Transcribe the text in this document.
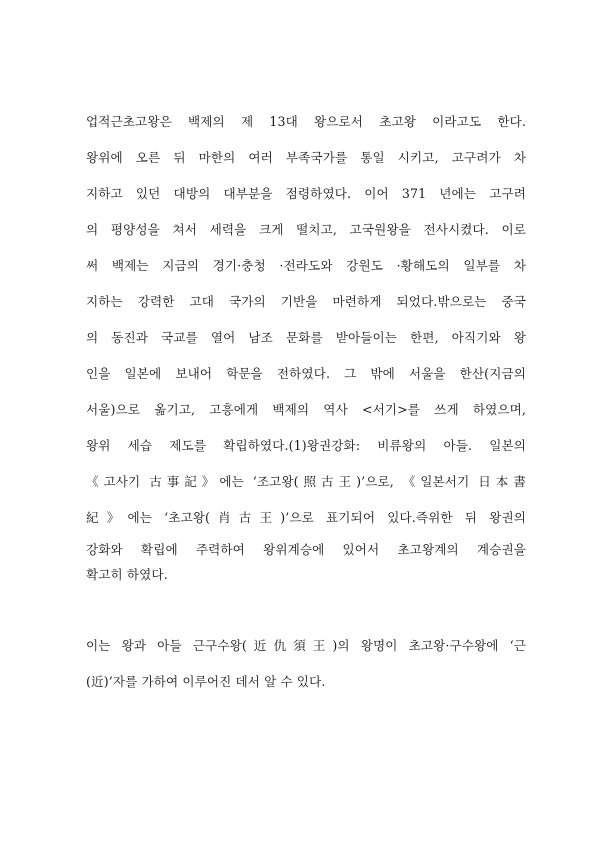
업적근초고왕은 백제의 제 13대 왕으로서 초고왕 이라고도 한다.
왕위에 오른 뒤 마한의 여러 부족국가를 통일 시키고, 고구려가 차
지하고 있던 대방의 대부분을 점령하였다. 이어 371 년에는 고구려
의 평양성을 쳐서 세력을 크게 떨치고, 고국원왕을 전사시켰다. 이로
써 백제는 지금의 경기·충청 ·전라도와 강원도 ·황해도의 일부를 차
지하는 강력한 고대 국가의 기반을 마련하게 되었다.밖으로는 중국
의 동진과 국교를 열어 남조 문화를 받아들이는 한편, 아직기와 왕
인을 일본에 보내어 학문을 전하였다. 그 밖에 서울을 한산(지금의
서울)으로 옮기고, 고흥에게 백제의 역사 <서기>를 쓰게 하였으며,
왕위 세습 제도를 확립하였다.(1)왕권강화: 비류왕의 아들. 일본의
《고사기 古事記》에는 ‘조고왕(照古王)’으로, 《일본서기 日本書
紀》에는 ‘초고왕(肖古王)’으로 표기되어 있다.즉위한 뒤 왕권의
강화와 확립에 주력하여 왕위계승에 있어서 초고왕계의 계승권을
확고히 하였다.
이는 왕과 아들 근구수왕(近仇須王)의 왕명이 초고왕·구수왕에 ‘근
(近)’자를 가하여 이루어진 데서 알 수 있다.
